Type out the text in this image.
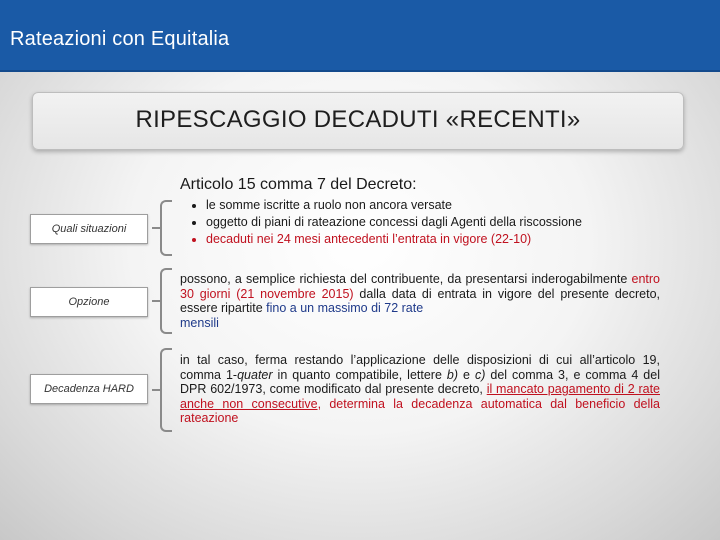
Rateazioni con Equitalia
RIPESCAGGIO DECADUTI «RECENTI»
Articolo 15 comma 7 del Decreto:
Quali situazioni
• le somme iscritte a ruolo non ancora versate
• oggetto di piani di rateazione concessi dagli Agenti della riscossione
• decaduti nei 24 mesi antecedenti l’entrata in vigore (22-10)
Opzione
possono, a semplice richiesta del contribuente, da presentarsi inderogabilmente entro 30 giorni (21 novembre 2015) dalla data di entrata in vigore del presente decreto, essere ripartite fino a un massimo di 72 rate
mensili
Decadenza HARD
in tal caso, ferma restando l’applicazione delle disposizioni di cui all’articolo 19, comma 1-quater in quanto compatibile, lettere b) e c) del comma 3, e comma 4 del DPR 602/1973, come modificato dal presente decreto, il mancato pagamento di 2 rate anche non consecutive, determina la decadenza automatica dal beneficio della rateazione
